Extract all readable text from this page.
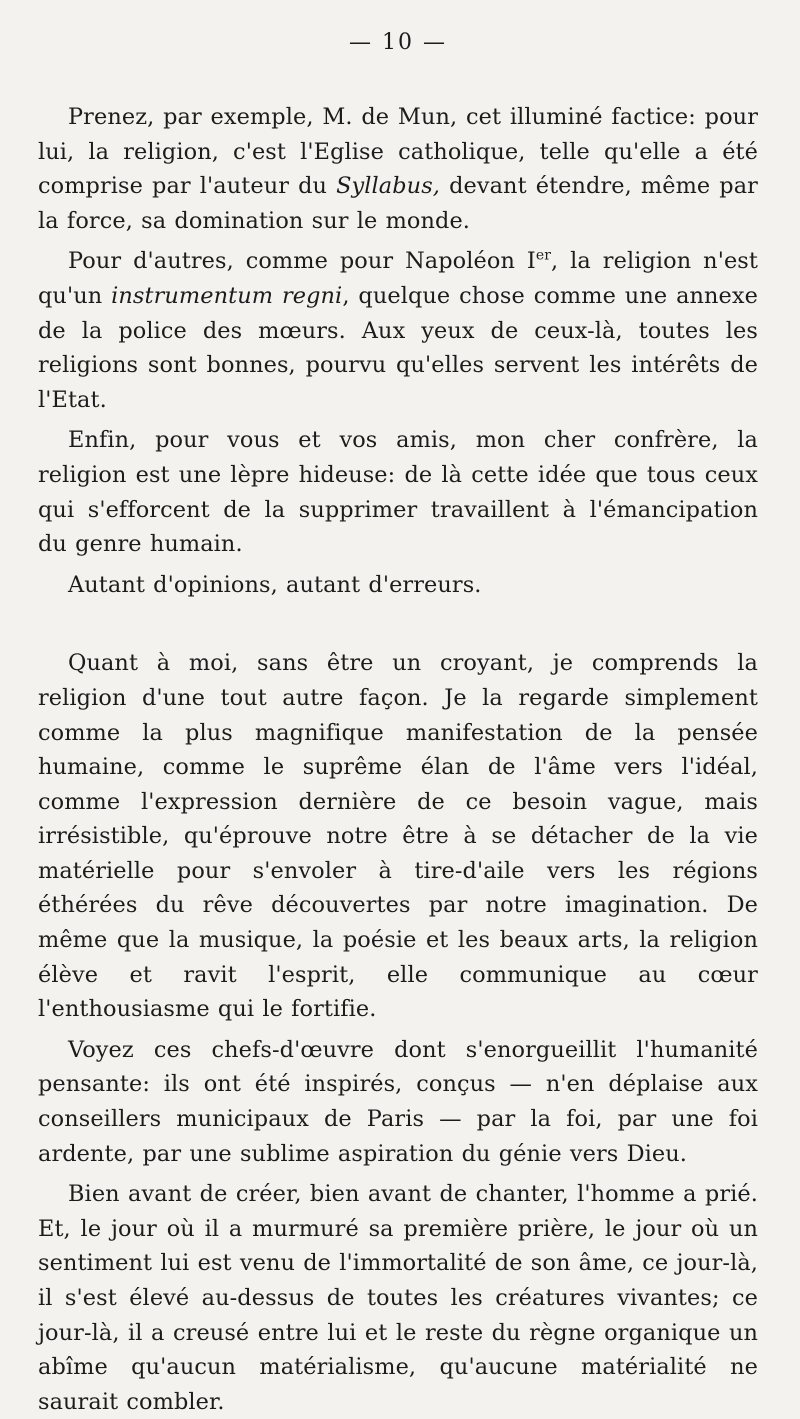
— 10 —

Prenez, par exemple, M. de Mun, cet illuminé factice: pour lui, la religion, c'est l'Eglise catholique, telle qu'elle a été comprise par l'auteur du Syllabus, devant étendre, même par la force, sa domination sur le monde.

Pour d'autres, comme pour Napoléon Ier, la religion n'est qu'un instrumentum regni, quelque chose comme une annexe de la police des mœurs. Aux yeux de ceux-là, toutes les religions sont bonnes, pourvu qu'elles servent les intérêts de l'Etat.

Enfin, pour vous et vos amis, mon cher confrère, la religion est une lèpre hideuse: de là cette idée que tous ceux qui s'efforcent de la supprimer travaillent à l'émancipation du genre humain.

Autant d'opinions, autant d'erreurs.

Quant à moi, sans être un croyant, je comprends la religion d'une tout autre façon. Je la regarde simplement comme la plus magnifique manifestation de la pensée humaine, comme le suprême élan de l'âme vers l'idéal, comme l'expression dernière de ce besoin vague, mais irrésistible, qu'éprouve notre être à se détacher de la vie matérielle pour s'envoler à tire-d'aile vers les régions éthérées du rêve découvertes par notre imagination. De même que la musique, la poésie et les beaux arts, la religion élève et ravit l'esprit, elle communique au cœur l'enthousiasme qui le fortifie.

Voyez ces chefs-d'œuvre dont s'enorgueillit l'humanité pensante: ils ont été inspirés, conçus — n'en déplaise aux conseillers municipaux de Paris — par la foi, par une foi ardente, par une sublime aspiration du génie vers Dieu.

Bien avant de créer, bien avant de chanter, l'homme a prié. Et, le jour où il a murmuré sa première prière, le jour où un sentiment lui est venu de l'immortalité de son âme, ce jour-là, il s'est élevé au-dessus de toutes les créatures vivantes; ce jour-là, il a creusé entre lui et le reste du règne organique un abîme qu'aucun matérialisme, qu'aucune matérialité ne saurait combler.
